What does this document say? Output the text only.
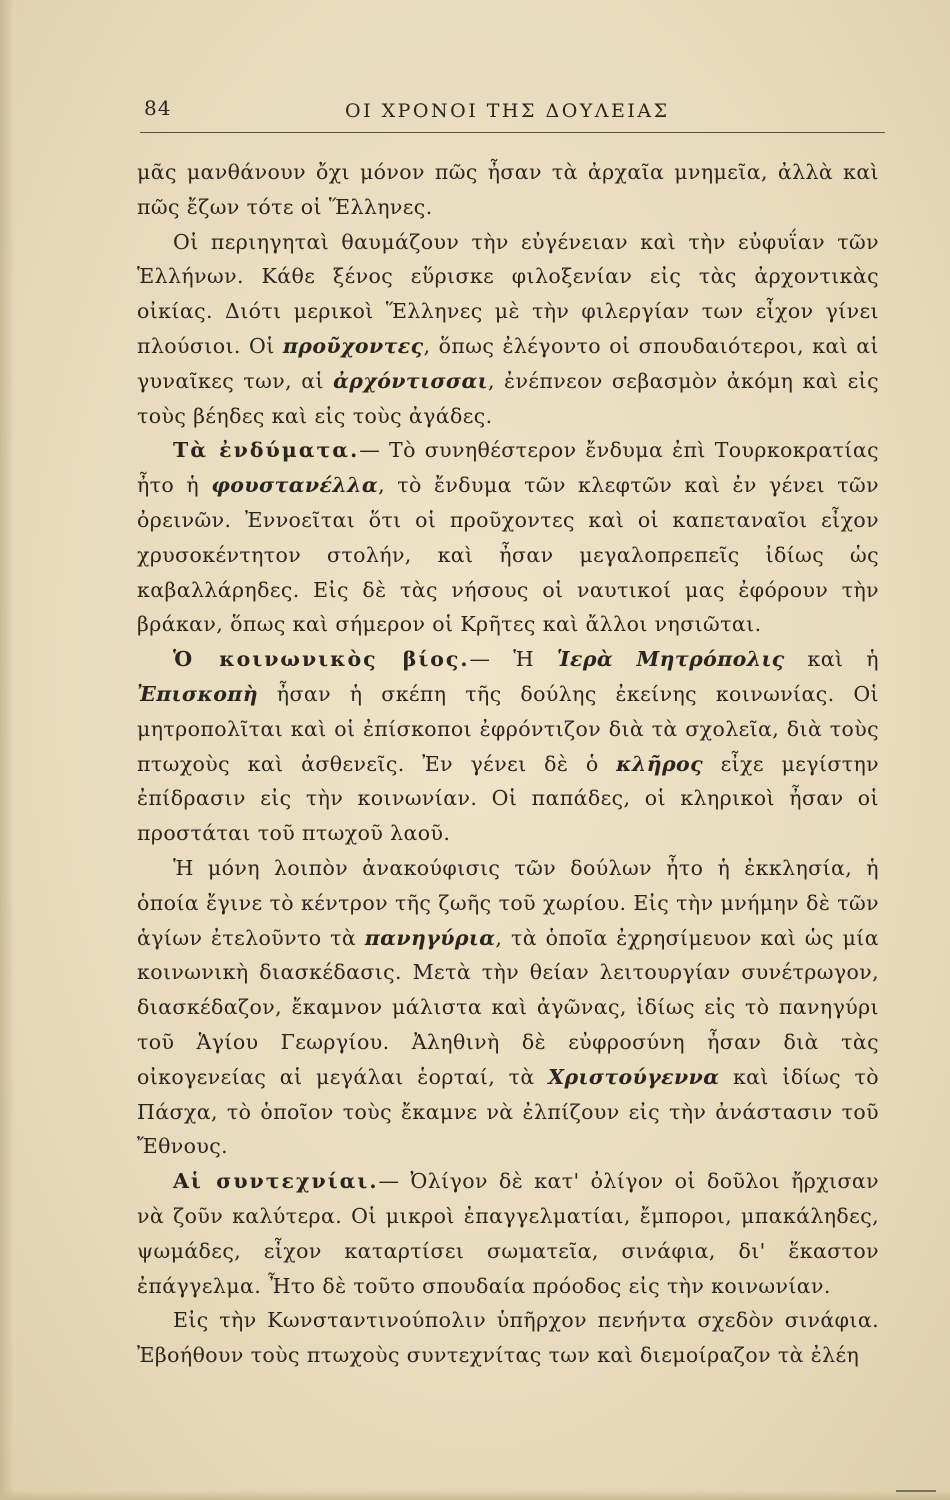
84	ΟΙ ΧΡΟΝΟΙ ΤΗΣ ΔΟΥΛΕΙΑΣ

μᾶς μανθάνουν ὄχι μόνον πῶς ἦσαν τὰ ἀρχαῖα μνημεῖα, ἀλλὰ καὶ πῶς ἔζων τότε οἱ Ἕλληνες.

Οἱ περιηγηταὶ θαυμάζουν τὴν εὐγένειαν καὶ τὴν εὐφυΐαν τῶν Ἑλλήνων. Κάθε ξένος εὕρισκε φιλοξενίαν εἰς τὰς ἀρχοντικὰς οἰκίας. Διότι μερικοὶ Ἕλληνες μὲ τὴν φιλεργίαν των εἶχον γίνει πλούσιοι. Οἱ προῦχοντες, ὅπως ἐλέγοντο οἱ σπουδαιότεροι, καὶ αἱ γυναῖκες των, αἱ ἀρχόντισσαι, ἐνέπνεον σεβασμὸν ἀκόμη καὶ εἰς τοὺς βέηδες καὶ εἰς τοὺς ἀγάδες.

Τὰ ἐνδύματα.— Τὸ συνηθέστερον ἔνδυμα ἐπὶ Τουρκοκρατίας ἦτο ἡ φουστανέλλα, τὸ ἔνδυμα τῶν κλεφτῶν καὶ ἐν γένει τῶν ὀρεινῶν. Ἐννοεῖται ὅτι οἱ προῦχοντες καὶ οἱ καπεταναῖοι εἶχον χρυσοκέντητον στολήν, καὶ ἦσαν μεγαλοπρεπεῖς ἰδίως ὡς καβαλλάρηδες. Εἰς δὲ τὰς νήσους οἱ ναυτικοί μας ἐφόρουν τὴν βράκαν, ὅπως καὶ σήμερον οἱ Κρῆτες καὶ ἄλλοι νησιῶται.

Ὁ κοινωνικὸς βίος.— Ἡ Ἱερὰ Μητρόπολις καὶ ἡ Ἐπισκοπὴ ἦσαν ἡ σκέπη τῆς δούλης ἐκείνης κοινωνίας. Οἱ μητροπολῖται καὶ οἱ ἐπίσκοποι ἐφρόντιζον διὰ τὰ σχολεῖα, διὰ τοὺς πτωχοὺς καὶ ἀσθενεῖς. Ἐν γένει δὲ ὁ κλῆρος εἶχε μεγίστην ἐπίδρασιν εἰς τὴν κοινωνίαν. Οἱ παπάδες, οἱ κληρικοὶ ἦσαν οἱ προστάται τοῦ πτωχοῦ λαοῦ.

Ἡ μόνη λοιπὸν ἀνακούφισις τῶν δούλων ἦτο ἡ ἐκκλησία, ἡ ὁποία ἔγινε τὸ κέντρον τῆς ζωῆς τοῦ χωρίου. Εἰς τὴν μνήμην δὲ τῶν ἁγίων ἐτελοῦντο τὰ πανηγύρια, τὰ ὁποῖα ἐχρησίμευον καὶ ὡς μία κοινωνικὴ διασκέδασις. Μετὰ τὴν θείαν λειτουργίαν συνέτρωγον, διασκέδαζον, ἔκαμνον μάλιστα καὶ ἀγῶνας, ἰδίως εἰς τὸ πανηγύρι τοῦ Ἁγίου Γεωργίου. Ἀληθινὴ δὲ εὐφροσύνη ἦσαν διὰ τὰς οἰκογενείας αἱ μεγάλαι ἑορταί, τὰ Χριστούγεννα καὶ ἰδίως τὸ Πάσχα, τὸ ὁποῖον τοὺς ἔκαμνε νὰ ἐλπίζουν εἰς τὴν ἀνάστασιν τοῦ Ἔθνους.

Αἱ συντεχνίαι.— Ὀλίγον δὲ κατ' ὀλίγον οἱ δοῦλοι ἤρχισαν νὰ ζοῦν καλύτερα. Οἱ μικροὶ ἐπαγγελματίαι, ἔμποροι, μπακάληδες, ψωμάδες, εἶχον καταρτίσει σωματεῖα, σινάφια, δι' ἕκαστον ἐπάγγελμα. Ἦτο δὲ τοῦτο σπουδαία πρόοδος εἰς τὴν κοινωνίαν.

Εἰς τὴν Κωνσταντινούπολιν ὑπῆρχον πενήντα σχεδὸν σινάφια. Ἐβοήθουν τοὺς πτωχοὺς συντεχνίτας των καὶ διεμοίραζον τὰ ἐλέη
